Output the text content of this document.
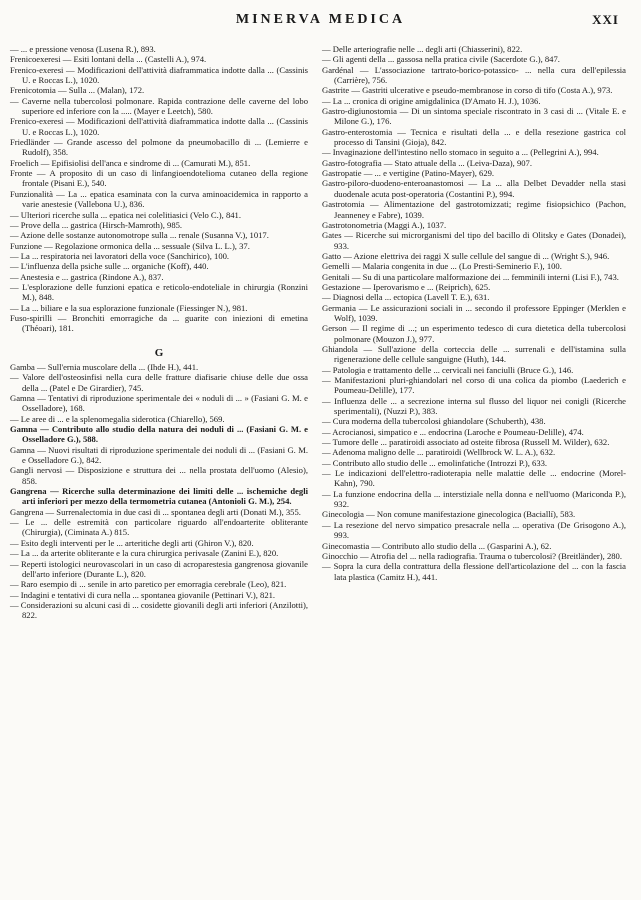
MINERVA MEDICA	XXI

— ... e pressione venosa (Lusena R.), 893.

Frenicoexeresi — Esiti lontani della ... (Castelli A.), 974.

Frenico-exeresi — Modificazioni dell'attività diaframmatica indotte dalla ... (Cassinis U. e Roccas L.), 1020.

Frenicotomia — Sulla ... (Malan), 172.

— Caverne nella tubercolosi polmonare. Rapida contrazione delle caverne del lobo superiore ed inferiore con la ..... (Mayer e Leetch), 580.

Frenico-exeresi — Modificazioni dell'attività diaframmatica indotte dalla ... (Cassinis U. e Roccas L.), 1020.

Friedländer — Grande ascesso del polmone da pneumobacillo di ... (Lemierre e Rudolf), 358.

Froelich — Epifisiolisi dell'anca e sindrome di ... (Camurati M.), 851.

Fronte — A proposito di un caso di linfangioendotelioma cutaneo della regione frontale (Pisani E.), 540.

Funzionalità — La ... epatica esaminata con la curva aminoacidemica in rapporto a varie anestesie (Vallebona U.), 836.

— Ulteriori ricerche sulla ... epatica nei colelitiasici (Velo C.), 841.

— Prove della ... gastrica (Hirsch-Mamroth), 985.

— Azione delle sostanze autonomotrope sulla ... renale (Susanna V.), 1017.

Funzione — Regolazione ormonica della ... sessuale (Silva L. L.), 37.

— La ... respiratoria nei lavoratori della voce (Sanchirico), 100.

— L'influenza della psiche sulle ... organiche (Koff), 440.

— Anestesia e ... gastrica (Rindone A.), 837.

— L'esplorazione delle funzioni epatica e reticolo-endoteliale in chirurgia (Ronzini M.), 848.

— La ... biliare e la sua esplorazione funzionale (Fiessinger N.), 981.

Fuso-spirilli — Bronchiti emorragiche da ... guarite con iniezioni di emetina (Théoari), 181.

G

Gamba — Sull'ernia muscolare della ... (Ihde H.), 441.

— Valore dell'osteosinfisi nella cura delle fratture diafisarie chiuse delle due ossa della ... (Patel e De Girardier), 745.

Gamna — Tentativi di riproduzione sperimentale dei « noduli di ... » (Fasiani G. M. e Osselladore), 168.

— Le aree di ... e la splenomegalia siderotica (Chiarello), 569.

Gamna — Contributo allo studio della natura dei noduli di ... (Fasiani G. M. e Osselladore G.), 588.

Gamna — Nuovi risultati di riproduzione sperimentale dei noduli di ... (Fasiani G. M. e Osselladore G.), 842.

Gangli nervosi — Disposizione e struttura dei ... nella prostata dell'uomo (Alesio), 858.

Gangrena — Ricerche sulla determinazione dei limiti delle ... ischemiche degli arti inferiori per mezzo della termometria cutanea (Antonioli G. M.), 254.

Gangrena — Surrenalectomia in due casi di ... spontanea degli arti (Donati M.), 355.

— Le ... delle estremità con particolare riguardo all'endoarterite obliterante (Chirurgia), (Ciminata A.) 815.

— Esito degli interventi per le ... arteritiche degli arti (Ghiron V.), 820.

— La ... da arterite obliterante e la cura chirurgica perivasale (Zanini E.), 820.

— Reperti istologici neurovascolari in un caso di acroparestesia gangrenosa giovanile dell'arto inferiore (Durante L.), 820.

— Raro esempio di ... senile in arto paretico per emorragia cerebrale (Leo), 821.

— Indagini e tentativi di cura nella ... spontanea giovanile (Pettinari V.), 821.

— Considerazioni su alcuni casi di ... cosidette giovanili degli arti inferiori (Anzilotti), 822.

— Delle arteriografie nelle ... degli arti (Chiasserini), 822.

— Gli agenti della ... gassosa nella pratica civile (Sacerdote G.), 847.

Gardénal — L'associazione tartrato-borico-potassico- ... nella cura dell'epilessia (Carrière), 756.

Gastrite — Gastriti ulcerative e pseudo-membranose in corso di tifo (Costa A.), 973.

— La ... cronica di origine amigdalinica (D'Amato H. J.), 1036.

Gastro-digiunostomia — Di un sintoma speciale riscontrato in 3 casi di ... (Vitale E. e Milone G.), 176.

Gastro-enterostomia — Tecnica e risultati della ... e della resezione gastrica col processo di Tansini (Gioja), 842.

— Invaginazione dell'intestino nello stomaco in seguito a ... (Pellegrini A.), 994.

Gastro-fotografia — Stato attuale della ... (Leiva-Daza), 907.

Gastropatie — ... e vertigine (Patino-Mayer), 629.

Gastro-piloro-duodeno-enteroanastomosi — La ... alla Delbet Devadder nella stasi duodenale acuta post-operatoria (Costantini P.), 994.

Gastrotomia — Alimentazione del gastrotomizzati; regime fisiopsichico (Pachon, Jeanneney e Fabre), 1039.

Gastrotonometria (Maggi A.), 1037.

Gates — Ricerche sui microrganismi del tipo del bacillo di Olitsky e Gates (Donadei), 933.

Gatto — Azione elettriva dei raggi X sulle cellule del sangue di ... (Wright S.), 946.

Gemelli — Malaria congenita in due ... (Lo Presti-Seminerio F.), 100.

Genitali — Su di una particolare malformazione dei ... femminili interni (Lisi F.), 743.

Gestazione — Iperovarismo e ... (Reiprich), 625.

— Diagnosi della ... ectopica (Lavell T. E.), 631.

Germania — Le assicurazioni sociali in ... secondo il professore Eppinger (Merklen e Wolf), 1039.

Gerson — Il regime di ...; un esperimento tedesco di cura dietetica della tubercolosi polmonare (Mouzon J.), 977.

Ghiandola — Sull'azione della corteccia delle ... surrenali e dell'istamina sulla rigenerazione delle cellule sanguigne (Huth), 144.

— Patologia e trattamento delle ... cervicali nei fanciulli (Bruce G.), 146.

— Manifestazioni pluri-ghiandolari nel corso di una colica da piombo (Laederich e Poumeau-Delille), 177.

— Influenza delle ... a secrezione interna sul flusso del liquor nei conigli (Ricerche sperimentali), (Nuzzi P.), 383.

— Cura moderna della tubercolosi ghiandolare (Schuberth), 438.

— Acrocianosi, simpatico e ... endocrina (Laroche e Poumeau-Delille), 474.

— Tumore delle ... paratiroidi associato ad osteite fibrosa (Russell M. Wilder), 632.

— Adenoma maligno delle ... paratiroidi (Wellbrock W. L. A.), 632.

— Contributo allo studio delle ... emolinfatiche (Introzzi P.), 633.

— Le indicazioni dell'elettro-radioterapia nelle malattie delle ... endocrine (Morel-Kahn), 790.

— La funzione endocrina della ... interstiziale nella donna e nell'uomo (Mariconda P.), 932.

Ginecologia — Non comune manifestazione ginecologica (Baciallí), 583.

— La resezione del nervo simpatico presacrale nella ... operativa (De Grisogono A.), 993.

Ginecomastia — Contributo allo studio della ... (Gasparini A.), 62.

Ginocchio — Atrofia del ... nella radiografia. Trauma o tubercolosi? (Breitländer), 280.

— Sopra la cura della contrattura della flessione dell'articolazione del ... con la fascia lata plastica (Camitz H.), 441.
